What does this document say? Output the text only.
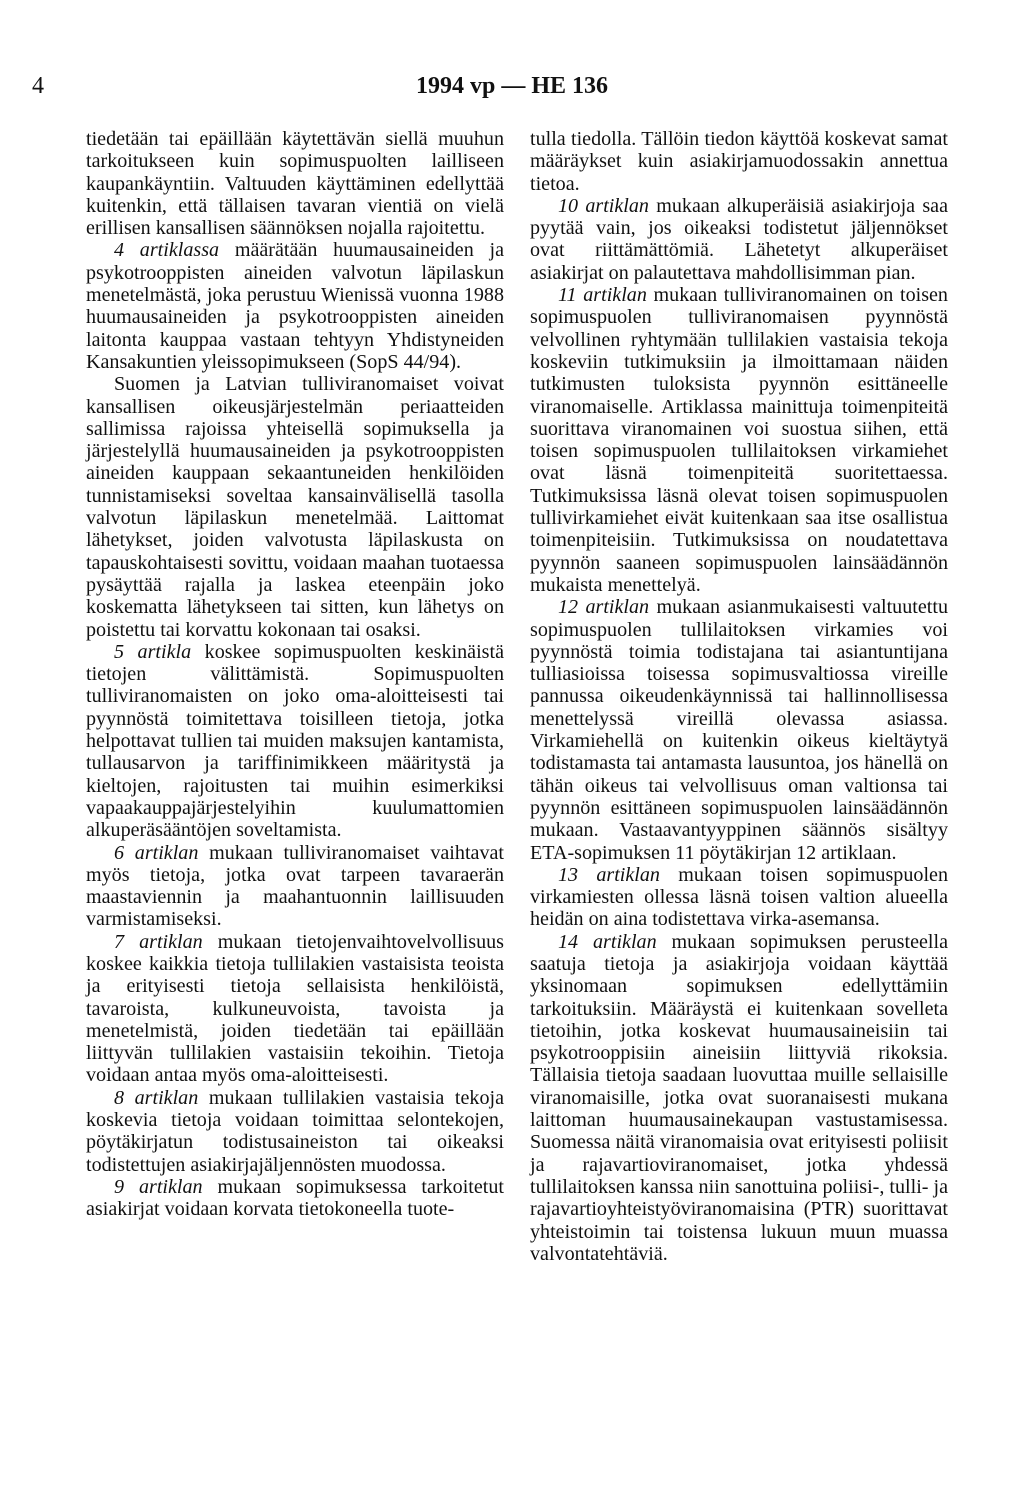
4	1994 vp — HE 136

tiedetään tai epäillään käytettävän siellä muuhun tarkoitukseen kuin sopimuspuolten lailliseen kaupankäyntiin. Valtuuden käyttäminen edellyttää kuitenkin, että tällaisen tavaran vientiä on vielä erillisen kansallisen säännöksen nojalla rajoitettu.

4 artiklassa määrätään huumausaineiden ja psykotrooppisten aineiden valvotun läpilaskun menetelmästä, joka perustuu Wienissä vuonna 1988 huumausaineiden ja psykotrooppisten aineiden laitonta kauppaa vastaan tehtyyn Yhdistyneiden Kansakuntien yleissopimukseen (SopS 44/94).

Suomen ja Latvian tulliviranomaiset voivat kansallisen oikeusjärjestelmän periaatteiden sallimissa rajoissa yhteisellä sopimuksella ja järjestelyllä huumausaineiden ja psykotrooppisten aineiden kauppaan sekaantuneiden henkilöiden tunnistamiseksi soveltaa kansainvälisellä tasolla valvotun läpilaskun menetelmää. Laittomat lähetykset, joiden valvotusta läpilaskusta on tapauskohtaisesti sovittu, voidaan maahan tuotaessa pysäyttää rajalla ja laskea eteenpäin joko koskematta lähetykseen tai sitten, kun lähetys on poistettu tai korvattu kokonaan tai osaksi.

5 artikla koskee sopimuspuolten keskinäistä tietojen välittämistä. Sopimuspuolten tulliviranomaisten on joko oma-aloitteisesti tai pyynnöstä toimitettava toisilleen tietoja, jotka helpottavat tullien tai muiden maksujen kantamista, tullausarvon ja tariffinimikkeen määritystä ja kieltojen, rajoitusten tai muihin esimerkiksi vapaakauppajärjestelyihin kuulumattomien alkuperäsääntöjen soveltamista.

6 artiklan mukaan tulliviranomaiset vaihtavat myös tietoja, jotka ovat tarpeen tavaraerän maastaviennin ja maahantuonnin laillisuuden varmistamiseksi.

7 artiklan mukaan tietojenvaihtovelvollisuus koskee kaikkia tietoja tullilakien vastaisista teoista ja erityisesti tietoja sellaisista henkilöistä, tavaroista, kulkuneuvoista, tavoista ja menetelmistä, joiden tiedetään tai epäillään liittyvän tullilakien vastaisiin tekoihin. Tietoja voidaan antaa myös oma-aloitteisesti.

8 artiklan mukaan tullilakien vastaisia tekoja koskevia tietoja voidaan toimittaa selontekojen, pöytäkirjatun todistusaineiston tai oikeaksi todistettujen asiakirjajäljennösten muodossa.

9 artiklan mukaan sopimuksessa tarkoitetut asiakirjat voidaan korvata tietokoneella tuote-

tulla tiedolla. Tällöin tiedon käyttöä koskevat samat määräykset kuin asiakirjamuodossakin annettua tietoa.

10 artiklan mukaan alkuperäisiä asiakirjoja saa pyytää vain, jos oikeaksi todistetut jäljennökset ovat riittämättömiä. Lähetetyt alkuperäiset asiakirjat on palautettava mahdollisimman pian.

11 artiklan mukaan tulliviranomainen on toisen sopimuspuolen tulliviranomaisen pyynnöstä velvollinen ryhtymään tullilakien vastaisia tekoja koskeviin tutkimuksiin ja ilmoittamaan näiden tutkimusten tuloksista pyynnön esittäneelle viranomaiselle. Artiklassa mainittuja toimenpiteitä suorittava viranomainen voi suostua siihen, että toisen sopimuspuolen tullilaitoksen virkamiehet ovat läsnä toimenpiteitä suoritettaessa. Tutkimuksissa läsnä olevat toisen sopimuspuolen tullivirkamiehet eivät kuitenkaan saa itse osallistua toimenpiteisiin. Tutkimuksissa on noudatettava pyynnön saaneen sopimuspuolen lainsäädännön mukaista menettelyä.

12 artiklan mukaan asianmukaisesti valtuutettu sopimuspuolen tullilaitoksen virkamies voi pyynnöstä toimia todistajana tai asiantuntijana tulliasioissa toisessa sopimusvaltiossa vireille pannussa oikeudenkäynnissä tai hallinnollisessa menettelyssä vireillä olevassa asiassa. Virkamiehellä on kuitenkin oikeus kieltäytyä todistamasta tai antamasta lausuntoa, jos hänellä on tähän oikeus tai velvollisuus oman valtionsa tai pyynnön esittäneen sopimuspuolen lainsäädännön mukaan. Vastaavantyyppinen säännös sisältyy ETA-sopimuksen 11 pöytäkirjan 12 artiklaan.

13 artiklan mukaan toisen sopimuspuolen virkamiesten ollessa läsnä toisen valtion alueella heidän on aina todistettava virka-asemansa.

14 artiklan mukaan sopimuksen perusteella saatuja tietoja ja asiakirjoja voidaan käyttää yksinomaan sopimuksen edellyttämiin tarkoituksiin. Määräystä ei kuitenkaan sovelleta tietoihin, jotka koskevat huumausaineisiin tai psykotrooppisiin aineisiin liittyviä rikoksia. Tällaisia tietoja saadaan luovuttaa muille sellaisille viranomaisille, jotka ovat suoranaisesti mukana laittoman huumausainekaupan vastustamisessa. Suomessa näitä viranomaisia ovat erityisesti poliisit ja rajavartioviranomaiset, jotka yhdessä tullilaitoksen kanssa niin sanottuina poliisi-, tulli- ja rajavartioyhteistyöviranomaisina (PTR) suorittavat yhteistoimin tai toistensa lukuun muun muassa valvontatehtäviä.
